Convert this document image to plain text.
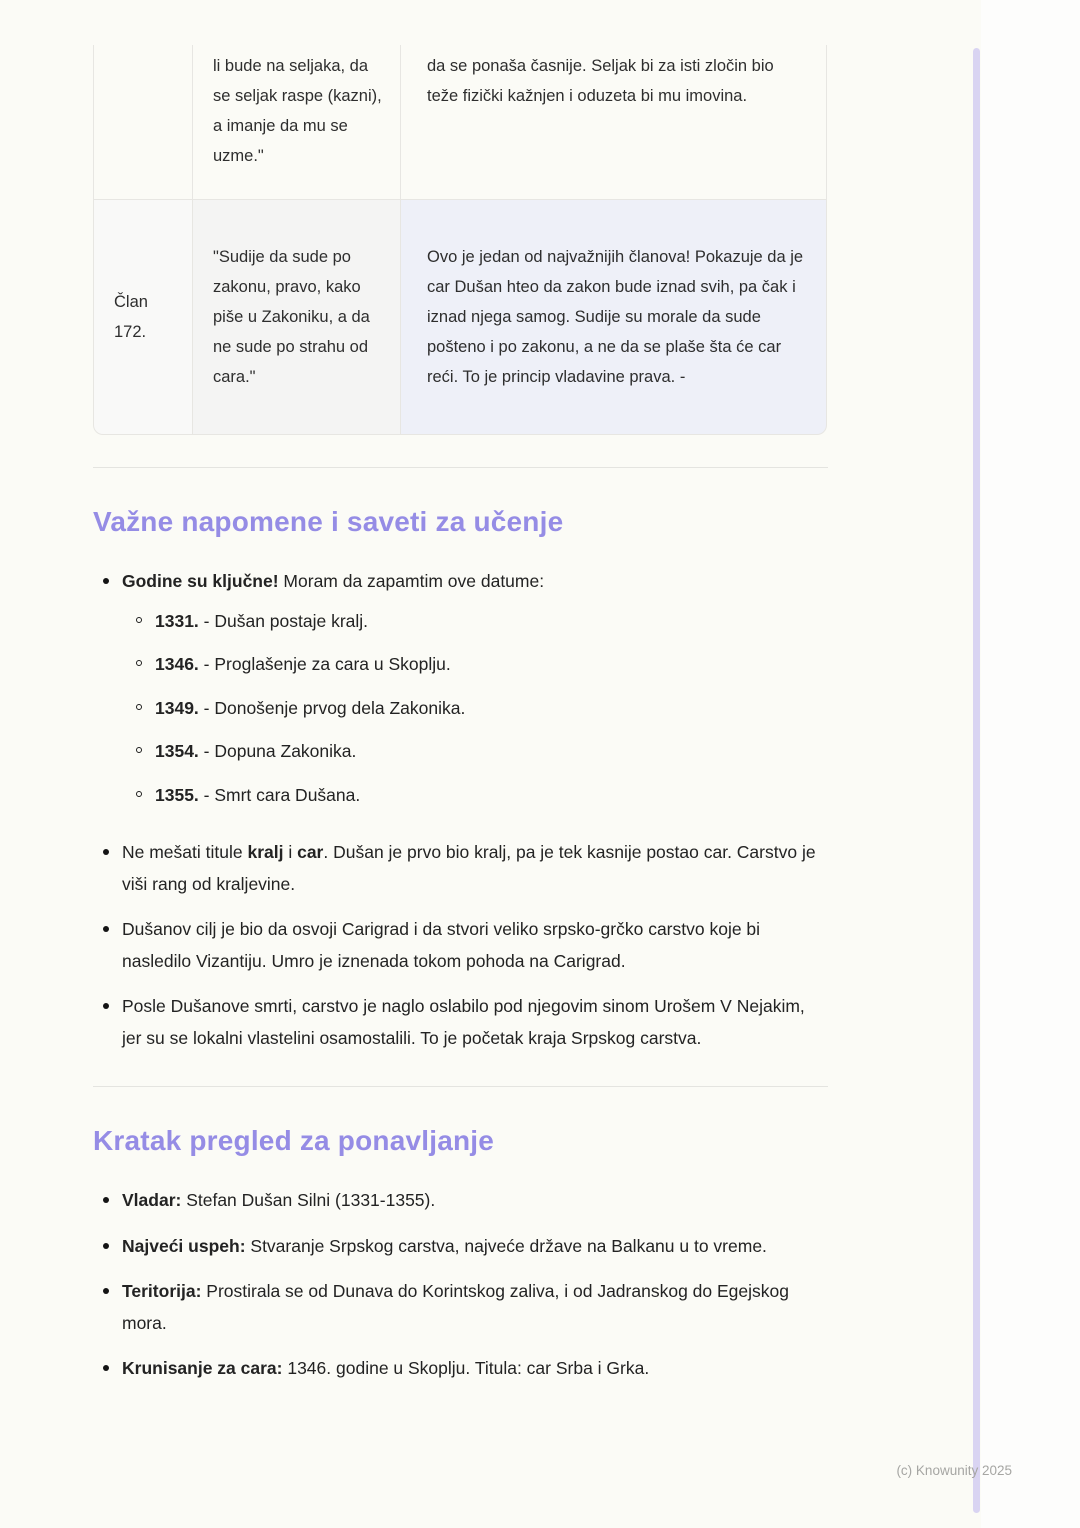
	li bude na seljaka, da se seljak raspe (kazni), a imanje da mu se uzme."	da se ponaša časnije. Seljak bi za isti zločin bio teže fizički kažnjen i oduzeta bi mu imovina.
Član 172.	"Sudije da sude po zakonu, pravo, kako piše u Zakoniku, a da ne sude po strahu od cara."	Ovo je jedan od najvažnijih članova! Pokazuje da je car Dušan hteo da zakon bude iznad svih, pa čak i iznad njega samog. Sudije su morale da sude pošteno i po zakonu, a ne da se plaše šta će car reći. To je princip vladavine prava. -
Važne napomene i saveti za učenje
Godine su ključne! Moram da zapamtim ove datume:
1331. - Dušan postaje kralj.
1346. - Proglašenje za cara u Skoplju.
1349. - Donošenje prvog dela Zakonika.
1354. - Dopuna Zakonika.
1355. - Smrt cara Dušana.
Ne mešati titule kralj i car. Dušan je prvo bio kralj, pa je tek kasnije postao car. Carstvo je viši rang od kraljevine.
Dušanov cilj je bio da osvoji Carigrad i da stvori veliko srpsko-grčko carstvo koje bi nasledilo Vizantiju. Umro je iznenada tokom pohoda na Carigrad.
Posle Dušanove smrti, carstvo je naglo oslabilo pod njegovim sinom Urošem V Nejakim, jer su se lokalni vlastelini osamostalili. To je početak kraja Srpskog carstva.
Kratak pregled za ponavljanje
Vladar: Stefan Dušan Silni (1331-1355).
Najveći uspeh: Stvaranje Srpskog carstva, najveće države na Balkanu u to vreme.
Teritorija: Prostirala se od Dunava do Korintskog zaliva, i od Jadranskog do Egejskog mora.
Krunisanje za cara: 1346. godine u Skoplju. Titula: car Srba i Grka.
(c) Knowunity 2025
